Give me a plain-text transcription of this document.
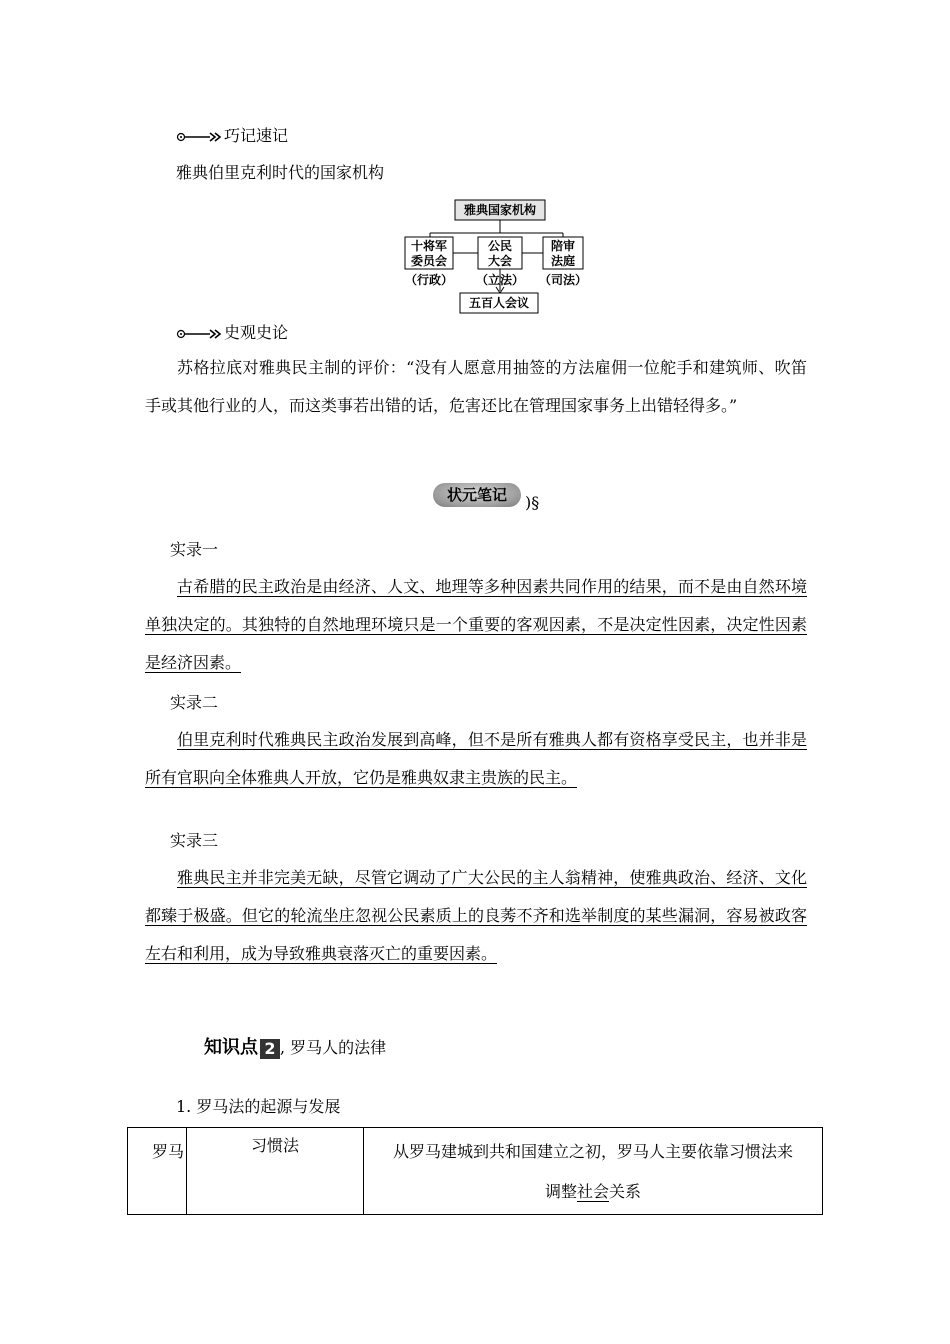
巧记速记
雅典伯里克利时代的国家机构
雅典国家机构
十将军
委员会
（行政）
公民
大会
（立法）
陪审
法庭
（司法）
五百人会议
史观史论
苏格拉底对雅典民主制的评价：“没有人愿意用抽签的方法雇佣一位舵手和建筑师、吹笛手或其他行业的人，而这类事若出错的话，危害还比在管理国家事务上出错轻得多。”
状元笔记	)§
实录一
古希腊的民主政治是由经济、人文、地理等多种因素共同作用的结果，而不是由自然环境单独决定的。其独特的自然地理环境只是一个重要的客观因素，不是决定性因素，决定性因素是经济因素。
实录二
伯里克利时代雅典民主政治发展到高峰，但不是所有雅典人都有资格享受民主，也并非是所有官职向全体雅典人开放，它仍是雅典奴隶主贵族的民主。
实录三
雅典民主并非完美无缺，尽管它调动了广大公民的主人翁精神，使雅典政治、经济、文化都臻于极盛。但它的轮流坐庄忽视公民素质上的良莠不齐和选举制度的某些漏洞，容易被政客左右和利用，成为导致雅典衰落灭亡的重要因素。
知识点 2 , 罗马人的法律
1. 罗马法的起源与发展
罗马	习惯法	从罗马建城到共和国建立之初，罗马人主要依靠习惯法来
调整社会关系
